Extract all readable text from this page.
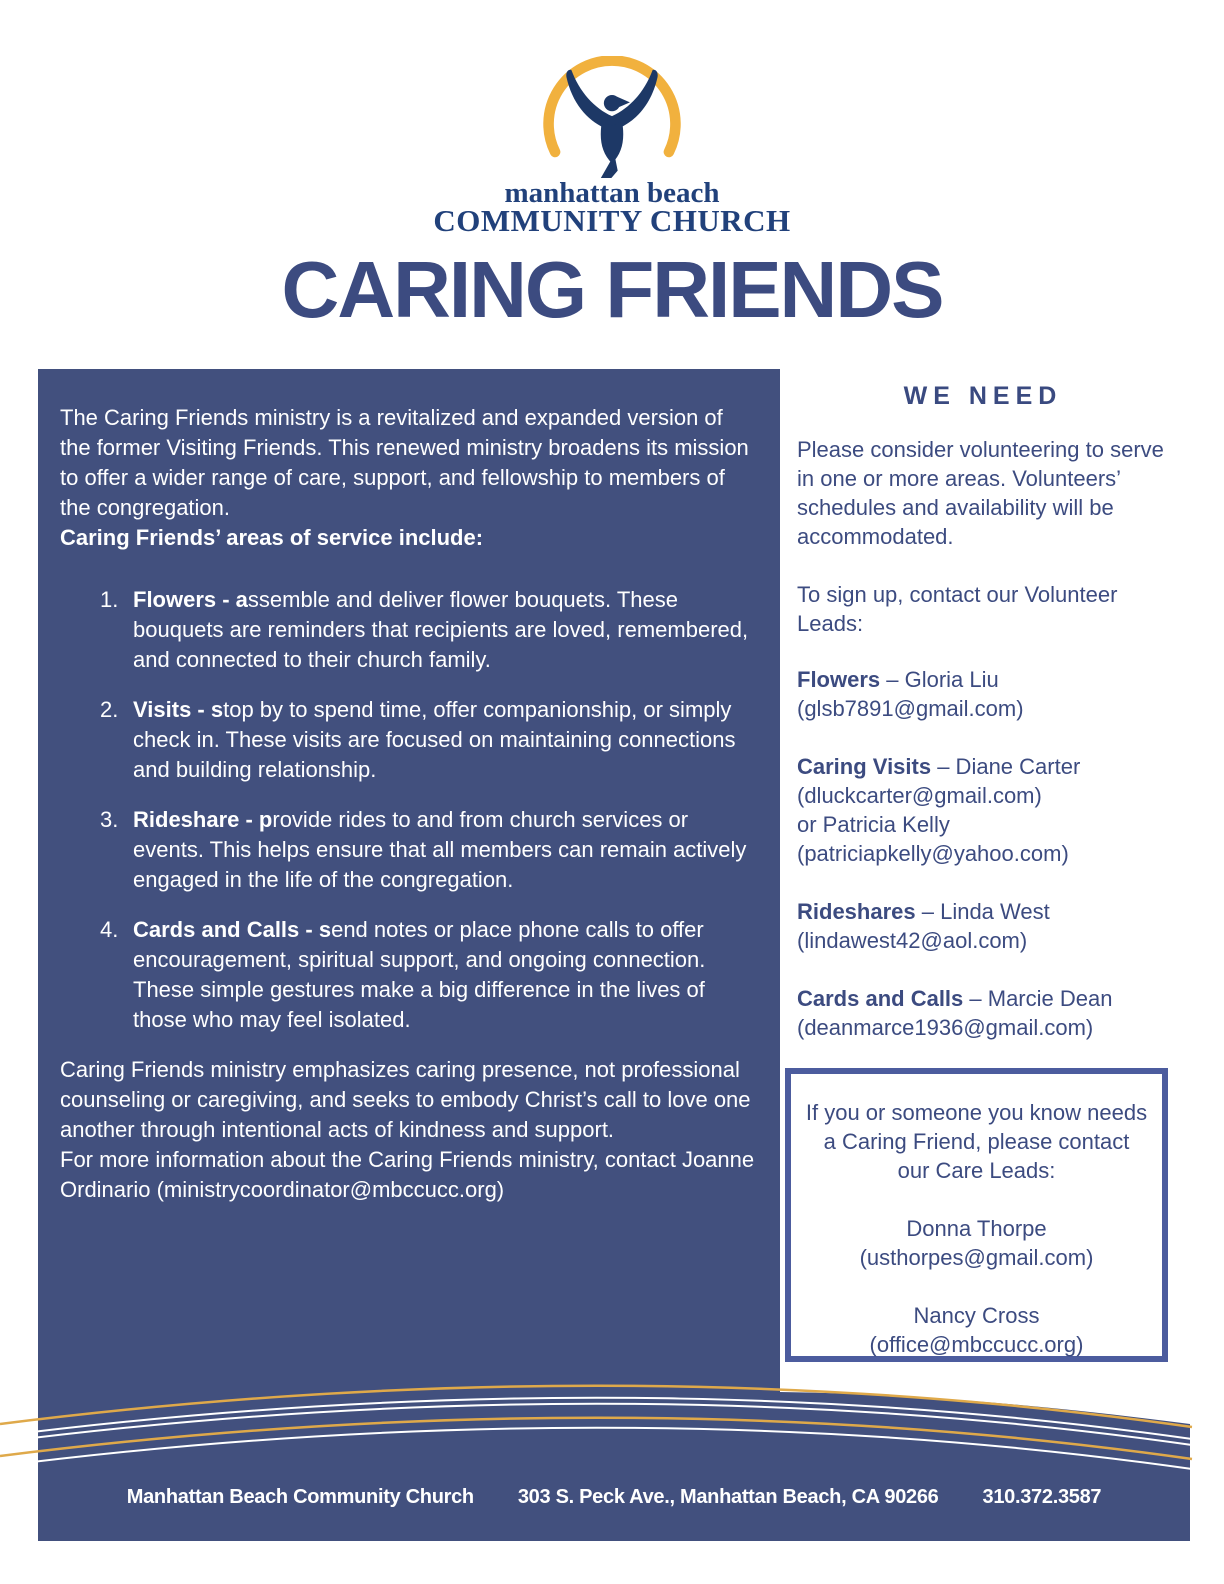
manhattan beach
COMMUNITY CHURCH
CARING FRIENDS

The Caring Friends ministry is a revitalized and expanded version of the former Visiting Friends. This renewed ministry broadens its mission to offer a wider range of care, support, and fellowship to members of the congregation.

Caring Friends’ areas of service include:

1. Flowers - assemble and deliver flower bouquets. These bouquets are reminders that recipients are loved, remembered, and connected to their church family.
2. Visits - stop by to spend time, offer companionship, or simply check in. These visits are focused on maintaining connections and building relationship.
3. Rideshare - provide rides to and from church services or events. This helps ensure that all members can remain actively engaged in the life of the congregation.
4. Cards and Calls - send notes or place phone calls to offer encouragement, spiritual support, and ongoing connection. These simple gestures make a big difference in the lives of those who may feel isolated.

Caring Friends ministry emphasizes caring presence, not professional counseling or caregiving, and seeks to embody Christ’s call to love one another through intentional acts of kindness and support.

For more information about the Caring Friends ministry, contact Joanne Ordinario (ministrycoordinator@mbccucc.org)

WE NEED

Please consider volunteering to serve in one or more areas. Volunteers’ schedules and availability will be accommodated.

To sign up, contact our Volunteer Leads:

Flowers – Gloria Liu
(glsb7891@gmail.com)
Caring Visits – Diane Carter
(dluckcarter@gmail.com)
or Patricia Kelly
(patriciapkelly@yahoo.com)
Rideshares – Linda West
(lindawest42@aol.com)
Cards and Calls – Marcie Dean
(deanmarce1936@gmail.com)

If you or someone you know needs a Caring Friend, please contact our Care Leads:

Donna Thorpe
(usthorpes@gmail.com)
Nancy Cross
(office@mbccucc.org)
Manhattan Beach Community Church 303 S. Peck Ave., Manhattan Beach, CA 90266 310.372.3587
